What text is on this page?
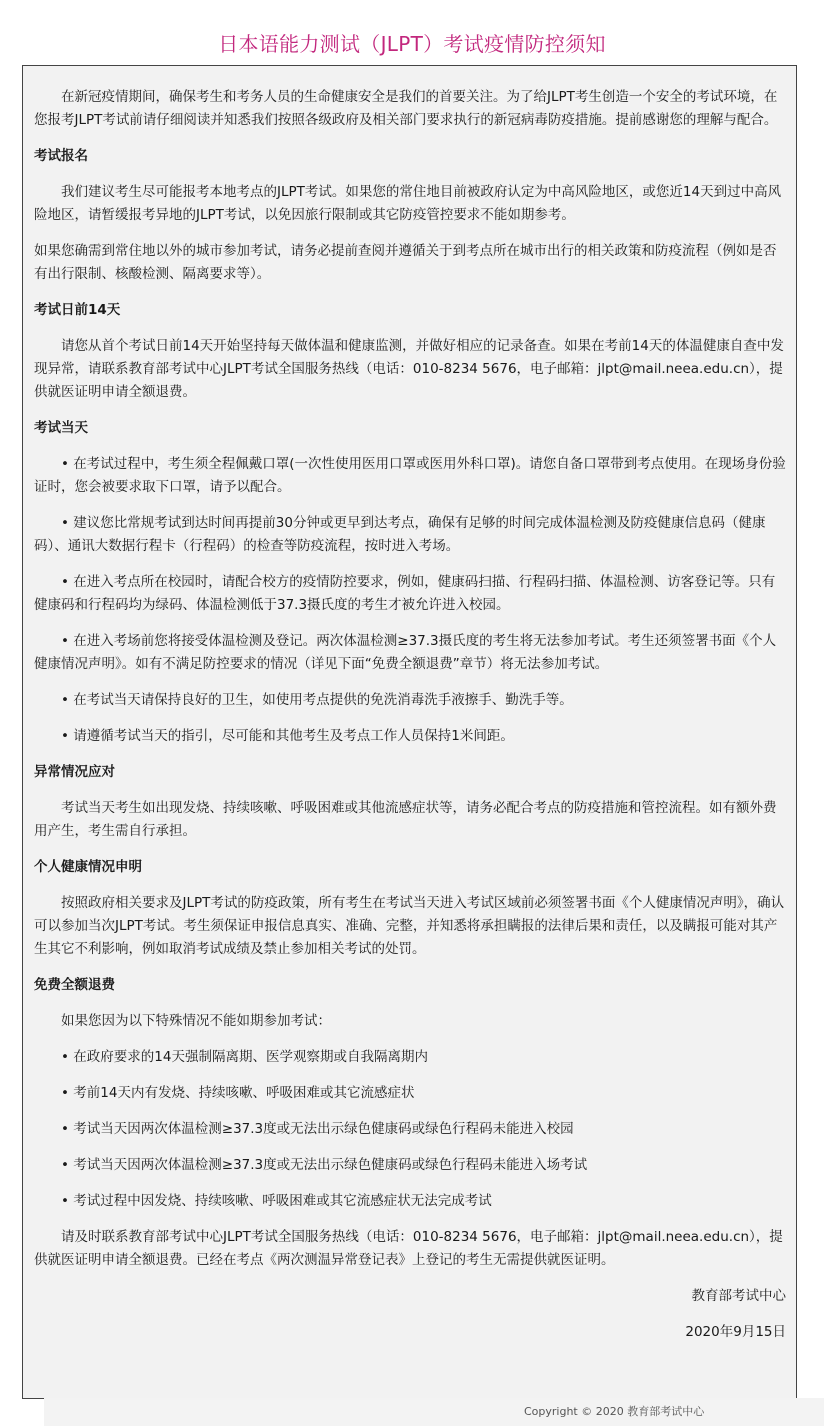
日本语能力测试（JLPT）考试疫情防控须知

在新冠疫情期间，确保考生和考务人员的生命健康安全是我们的首要关注。为了给JLPT考生创造一个安全的考试环境，在您报考JLPT考试前请仔细阅读并知悉我们按照各级政府及相关部门要求执行的新冠病毒防疫措施。提前感谢您的理解与配合。

考试报名

我们建议考生尽可能报考本地考点的JLPT考试。如果您的常住地目前被政府认定为中高风险地区，或您近14天到过中高风险地区，请暂缓报考异地的JLPT考试，以免因旅行限制或其它防疫管控要求不能如期参考。

如果您确需到常住地以外的城市参加考试，请务必提前查阅并遵循关于到考点所在城市出行的相关政策和防疫流程（例如是否有出行限制、核酸检测、隔离要求等）。

考试日前14天

请您从首个考试日前14天开始坚持每天做体温和健康监测，并做好相应的记录备查。如果在考前14天的体温健康自查中发现异常，请联系教育部考试中心JLPT考试全国服务热线（电话：010-8234 5676，电子邮箱：jlpt@mail.neea.edu.cn），提供就医证明申请全额退费。

考试当天

• 在考试过程中，考生须全程佩戴口罩(一次性使用医用口罩或医用外科口罩)。请您自备口罩带到考点使用。在现场身份验证时，您会被要求取下口罩，请予以配合。

• 建议您比常规考试到达时间再提前30分钟或更早到达考点，确保有足够的时间完成体温检测及防疫健康信息码（健康码）、通讯大数据行程卡（行程码）的检查等防疫流程，按时进入考场。

• 在进入考点所在校园时，请配合校方的疫情防控要求，例如，健康码扫描、行程码扫描、体温检测、访客登记等。只有健康码和行程码均为绿码、体温检测低于37.3摄氏度的考生才被允许进入校园。

• 在进入考场前您将接受体温检测及登记。两次体温检测≥37.3摄氏度的考生将无法参加考试。考生还须签署书面《个人健康情况声明》。如有不满足防控要求的情况（详见下面“免费全额退费”章节）将无法参加考试。

• 在考试当天请保持良好的卫生，如使用考点提供的免洗消毒洗手液擦手、勤洗手等。

• 请遵循考试当天的指引，尽可能和其他考生及考点工作人员保持1米间距。

异常情况应对

考试当天考生如出现发烧、持续咳嗽、呼吸困难或其他流感症状等，请务必配合考点的防疫措施和管控流程。如有额外费用产生，考生需自行承担。

个人健康情况申明

按照政府相关要求及JLPT考试的防疫政策，所有考生在考试当天进入考试区域前必须签署书面《个人健康情况声明》，确认可以参加当次JLPT考试。考生须保证申报信息真实、准确、完整，并知悉将承担瞒报的法律后果和责任，以及瞒报可能对其产生其它不利影响，例如取消考试成绩及禁止参加相关考试的处罚。

免费全额退费

如果您因为以下特殊情况不能如期参加考试：

• 在政府要求的14天强制隔离期、医学观察期或自我隔离期内

• 考前14天内有发烧、持续咳嗽、呼吸困难或其它流感症状

• 考试当天因两次体温检测≥37.3度或无法出示绿色健康码或绿色行程码未能进入校园

• 考试当天因两次体温检测≥37.3度或无法出示绿色健康码或绿色行程码未能进入场考试

• 考试过程中因发烧、持续咳嗽、呼吸困难或其它流感症状无法完成考试

请及时联系教育部考试中心JLPT考试全国服务热线（电话：010-8234 5676，电子邮箱：jlpt@mail.neea.edu.cn），提供就医证明申请全额退费。已经在考点《两次测温异常登记表》上登记的考生无需提供就医证明。

教育部考试中心

2020年9月15日

Copyright © 2020 教育部考试中心
